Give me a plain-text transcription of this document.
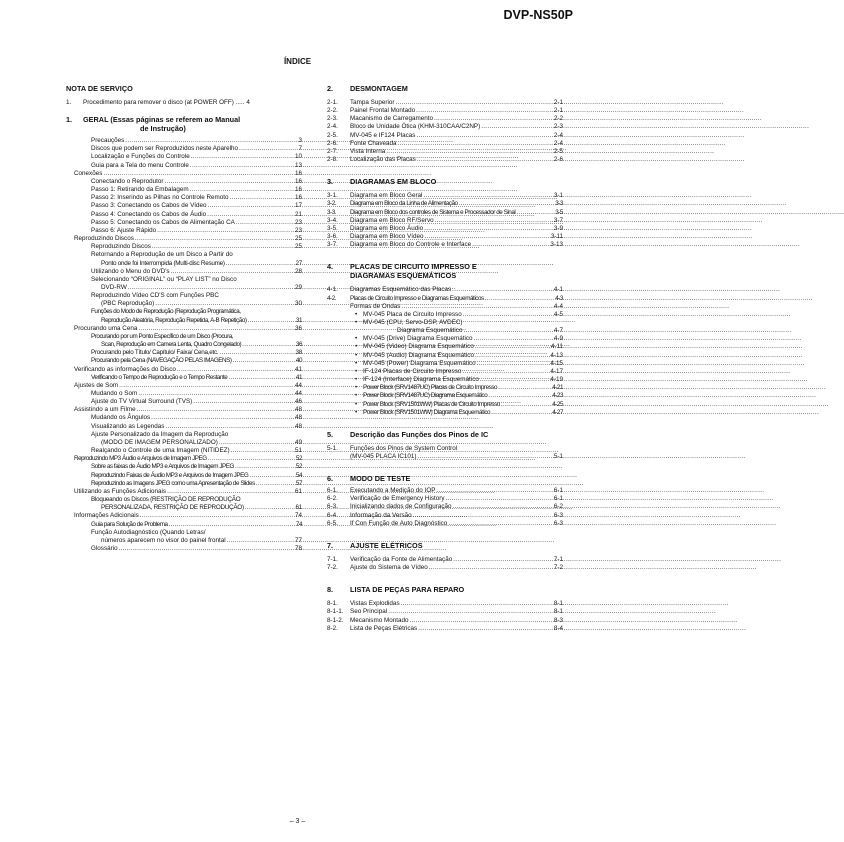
DVP-NS50P
ÍNDICE
NOTA DE SERVIÇO
1.	Procedimento para remover o disco (at POWER OFF) ..... 4
1.	GERAL (Essas páginas se referem ao Manual
de Instrução)
Precauções .....	3
Discos que podem ser Reproduzidos neste Aparelho .....	7
Localização e Funções do Controle .....	10
Guia para a Tela do menu Controle .....	13
Conexões .....	16
Conectando o Reprodutor .....	16
Passo 1: Retirando da Embalagem .....	16
Passo 2: Inserindo as Pilhas no Controle Remoto .....	16
Passo 3: Conectando os Cabos de Vídeo .....	17
Passo 4: Conectando os Cabos de Áudio .....	21
Passo 5: Conectando os Cabos de Alimentação CA .....	23
Passo 6: Ajuste Rápido .....	23
Reproduzindo Discos .....	25
Reproduzindo Discos .....	25
Retornando a Reprodução de um Disco a Partir do
Ponto onde foi Interrompida (Multi-disc Resume) .....	27
Utilizando o Menu do DVD's .....	28
Selecionando “ORIGINAL” ou “PLAY LIST” no Disco
DVD-RW .....	29
Reproduzindo Vídeo CD'S com Funções PBC
(PBC Reprodução) .....	30
Funções do Modo de Reprodução (Reprodução Programática,
Reprodução Aleatória, Reprodução Repetida, A-B Repetição) .....	31
Procurando uma Cena .....	36
Procurando por um Ponto Específico de um Disco (Procura,
Scan, Reprodução em Camera Lenta, Quadro Congelado) .....	36
Procurando pelo Título/ Capítulo/ Faixa/ Cena,etc. .....	38
Procurando pela Cena (NAVEGAÇÃO PELAS IMAGENS) .....	40
Verificando as informações do Disco .....	41
Verificando o Tempo de Reprodução e o Tempo Restante .....	41
Ajustes de Som .....	44
Mudando o Som .....	44
Ajuste do TV Virtual Surround (TVS) .....	46
Assistindo a um Filme .....	48
Mudando os Ângulos .....	48
Visualizando as Legendas .....	48
Ajuste Personalizado da Imagem da Reprodução
(MODO DE IMAGEM PERSONALIZADO) .....	49
Realçando o Controle de uma Imagem (NITIDEZ) .....	51
Reproduzindo MP3 Áudio e Arquivos de Imagem JPEG .....	52
Sobre as faixas de Áudio MP3 e Arquivos de Imagem JPEG .....	52
Reproduzindo Faixas de Áudio MP3 e Arquivos de Imagem JPEG .....	54
Reproduzindo as Imagens JPEG como uma Apresentação de Slides .....	57
Utilizando as Funções Adicionais .....	61
Bloqueando os Discos (RESTRIÇÃO DE REPRODUÇÃO
PERSONALIZADA, RESTRIÇÃO DE REPRODUÇÃO) .....	61
Informações Adicionais .....	74
Guia para Solução de Problema .....	74
Função Autodiagnóstico (Quando Letras/
números aparecem no visor do painel frontal .....	77
Glossário .....	78
2.	DESMONTAGEM
2-1.	Tampa Superior .....	2-1
2-2.	Painel Frontal Montado .....	2-1
2-3.	Macanismo de Carregamento .....	2-2
2-4.	Bloco de Unidade Ótica (KHM-310CAA/C2NP) .....	2-3
2-5.	MV-045 e IF124 Placas .....	2-4
2-6.	Fonte Chaveada .....	2-4
2-7.	Vista Interna .....	2-5
2-8.	Localização das Placas .....	2-6
3.	DIAGRAMAS EM BLOCO
3-1.	Diagrama em Bloco Geral .....	3-1
3-2.	Diagrama em Bloco da Linha de Alimentação .....	3-3
3-3.	Diagrama em Bloco dos controles de Sistema e Processador de Sinal .....	3-5
3-4.	Diagrama em Bloco RF/Servo .....	3-7
3-5.	Diagrama em Bloco Áudio .....	3-9
3-6.	Diagrama em Bloco Vídeo .....	3-11
3-7.	Diagrama em Bloco do Controle e Interface .....	3-13
4.	PLACAS DE CIRCUITO IMPRESSO E
DIAGRAMAS ESQUEMÁTICOS
4-1.	Diagramas Esquemático das Placas .....	4-1
4-2.	Placas de Circuito Impresso e Diagramas Esquemáticos .....	4-3
Formas de Ondas .....	4-4
• MV-045 Placa de Circuito Impresso .....	4-5
• MV-045 (CPU, Servo-DSP, AVDEC)
Diagrama Esquemático .....	4-7
• MV-045 (Drive) Diagrama Esquemático .....	4-9
• MV-045 (Video) Diagrama Esquemático .....	4-11
• MV-045 (Audio) Diagrama Esquemático .....	4-13
• MV-045 (Power) Diagrama Esquemático .....	4-15
• IF-124 Placas de Circuito Impresso .....	4-17
• IF-124 (Interface) Diagrama Esquemático .....	4-19
• Power Block (SRV1487UC) Placas de Circuito Impresso .....	4-21
• Power Block (SRV1487UC) Diagrama Esquemático .....	4-23
• Power Block (SRV1501WW) Placas de Circuito Impresso .....	4-25
• Power Block (SRV1501WW) Diagrama Esquemático .....	4-27
5.	Descrição das Funções dos Pinos de IC
5-1.	Funções dos Pinos de System Control
(MV-045 PLACA IC101) .....	5-1
6.	MODO DE TESTE
6-1.	Executando a Medição do IOP .....	6-1
6-2.	Verificação de Emergency History .....	6-1
6-3.	Inicializando dados de Configuração .....	6-2
6-4.	Informação da Versão .....	6-3
6-5.	If Con Função de Auto Diagnóstico .....	6-3
7.	AJUSTE ELÉTRICOS
7-1.	Verificação da Fonte de Alimentação .....	7-1
7-2.	Ajuste do Sistema de Vídeo .....	7-2
8.	LISTA DE PEÇAS PARA REPARO
8-1.	Vistas Explodidas .....	8-1
8-1-1.	Seo Principal .....	8-1
8-1-2.	Mecanismo Montado .....	8-3
8-2.	Lista de Peças Elétricas .....	8-4
– 3 –
